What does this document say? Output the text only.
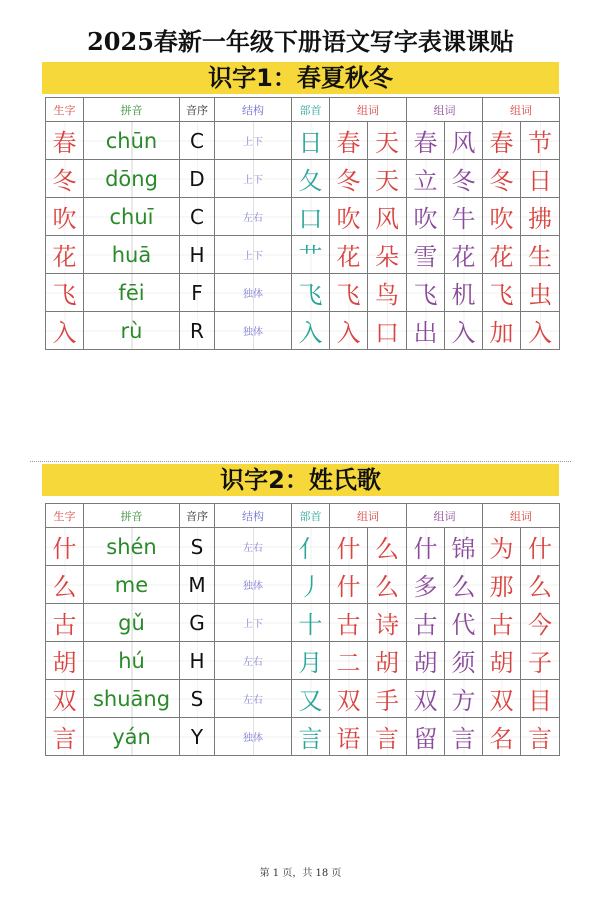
2025春新一年级下册语文写字表课课贴
识字1：春夏秋冬
生字	拼音	音序	结构	部首	组词		组词		组词	
春	chūn	C	上下	日	春	天	春	风	春	节
冬	dōng	D	上下	夂	冬	天	立	冬	冬	日
吹	chuī	C	左右	口	吹	风	吹	牛	吹	拂
花	huā	H	上下	艹	花	朵	雪	花	花	生
飞	fēi	F	独体	飞	飞	鸟	飞	机	飞	虫
入	rù	R	独体	入	入	口	出	入	加	入
识字2：姓氏歌
生字	拼音	音序	结构	部首	组词		组词		组词	
什	shén	S	左右	亻	什	么	什	锦	为	什
么	me	M	独体	丿	什	么	多	么	那	么
古	gǔ	G	上下	十	古	诗	古	代	古	今
胡	hú	H	左右	月	二	胡	胡	须	胡	子
双	shuāng	S	左右	又	双	手	双	方	双	目
言	yán	Y	独体	言	语	言	留	言	名	言
第 1 页，共 18 页
